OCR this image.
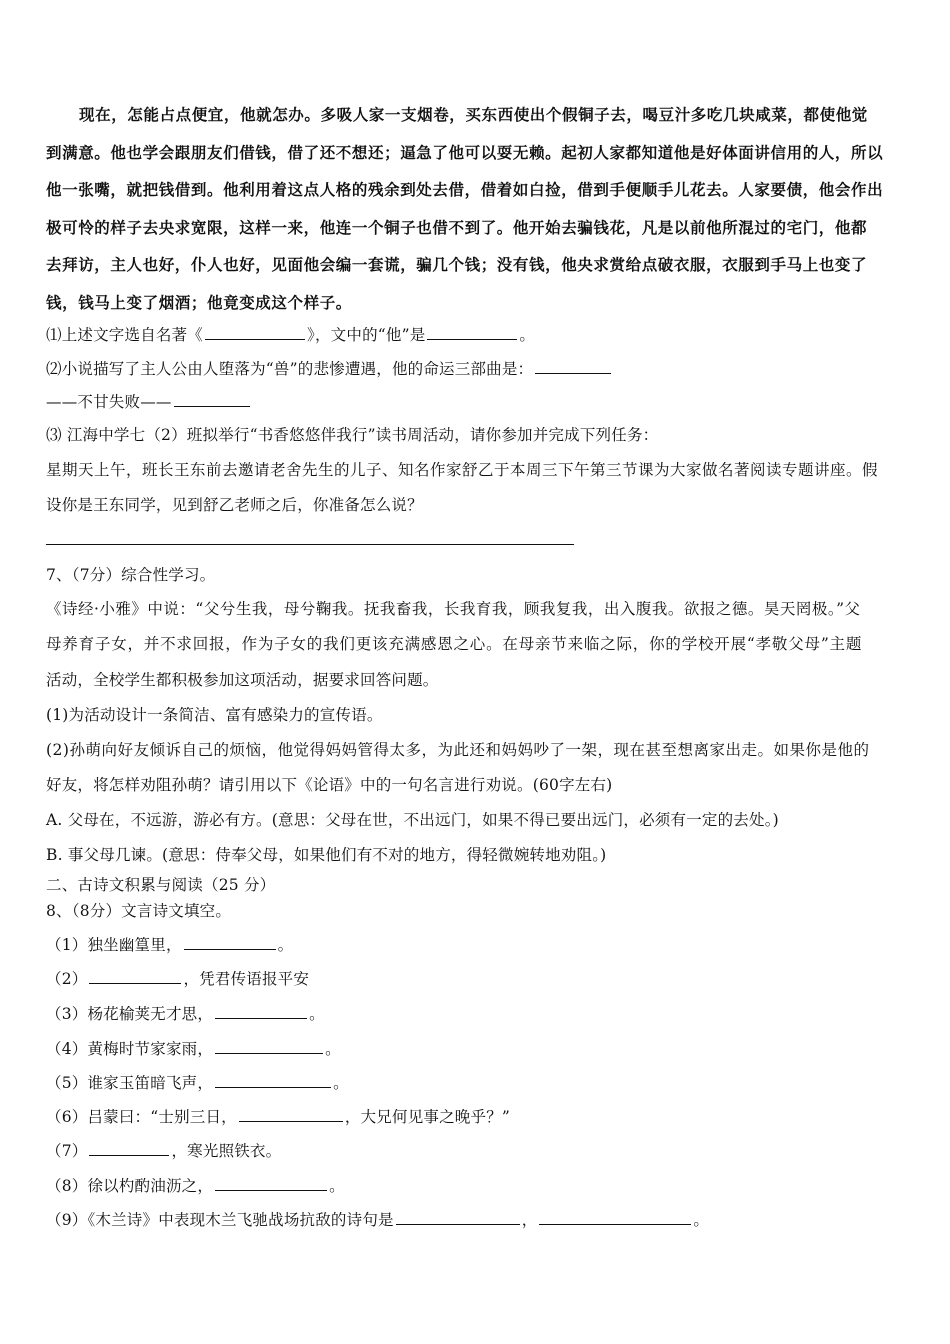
现在，怎能占点便宜，他就怎办。多吸人家一支烟卷，买东西使出个假铜子去，喝豆汁多吃几块咸菜，都使他觉
到满意。他也学会跟朋友们借钱，借了还不想还；逼急了他可以耍无赖。起初人家都知道他是好体面讲信用的人，所以
他一张嘴，就把钱借到。他利用着这点人格的残余到处去借，借着如白捡，借到手便顺手儿花去。人家要债，他会作出
极可怜的样子去央求宽限，这样一来，他连一个铜子也借不到了。他开始去骗钱花，凡是以前他所混过的宅门，他都
去拜访，主人也好，仆人也好，见面他会编一套谎，骗几个钱；没有钱，他央求赏给点破衣服，衣服到手马上也变了
钱，钱马上变了烟酒；他竟变成这个样子。
⑴上述文字选自名著《	》，文中的“他”是	。
⑵小说描写了主人公由人堕落为“兽”的悲惨遭遇，他的命运三部曲是：
——不甘失败——
⑶ 江海中学七（2）班拟举行“书香悠悠伴我行”读书周活动，请你参加并完成下列任务：
星期天上午，班长王东前去邀请老舍先生的儿子、知名作家舒乙于本周三下午第三节课为大家做名著阅读专题讲座。假
设你是王东同学，见到舒乙老师之后，你准备怎么说？
7、（7分）综合性学习。
《诗经·小雅》中说：“父兮生我，母兮鞠我。抚我畜我，长我育我，顾我复我，出入腹我。欲报之德。昊天罔极。”父
母养育子女，并不求回报，作为子女的我们更该充满感恩之心。在母亲节来临之际，你的学校开展“孝敬父母”主题
活动，全校学生都积极参加这项活动，据要求回答问题。
(1)为活动设计一条简洁、富有感染力的宣传语。
(2)孙萌向好友倾诉自己的烦恼，他觉得妈妈管得太多，为此还和妈妈吵了一架，现在甚至想离家出走。如果你是他的
好友，将怎样劝阻孙萌？请引用以下《论语》中的一句名言进行劝说。(60字左右)
A. 父母在，不远游，游必有方。(意思：父母在世，不出远门，如果不得已要出远门，必须有一定的去处。)
B. 事父母几谏。(意思：侍奉父母，如果他们有不对的地方，得轻微婉转地劝阻。)
二、古诗文积累与阅读（25 分）
8、（8分）文言诗文填空。
（1）独坐幽篁里，	。
（2）	，凭君传语报平安
（3）杨花榆荚无才思，	。
（4）黄梅时节家家雨，	。
（5）谁家玉笛暗飞声，	。
（6）吕蒙曰：“士别三日，	，大兄何见事之晚乎？”
（7）	，寒光照铁衣。
（8）徐以杓酌油沥之，	。
（9）《木兰诗》中表现木兰飞驰战场抗敌的诗句是	，	。
